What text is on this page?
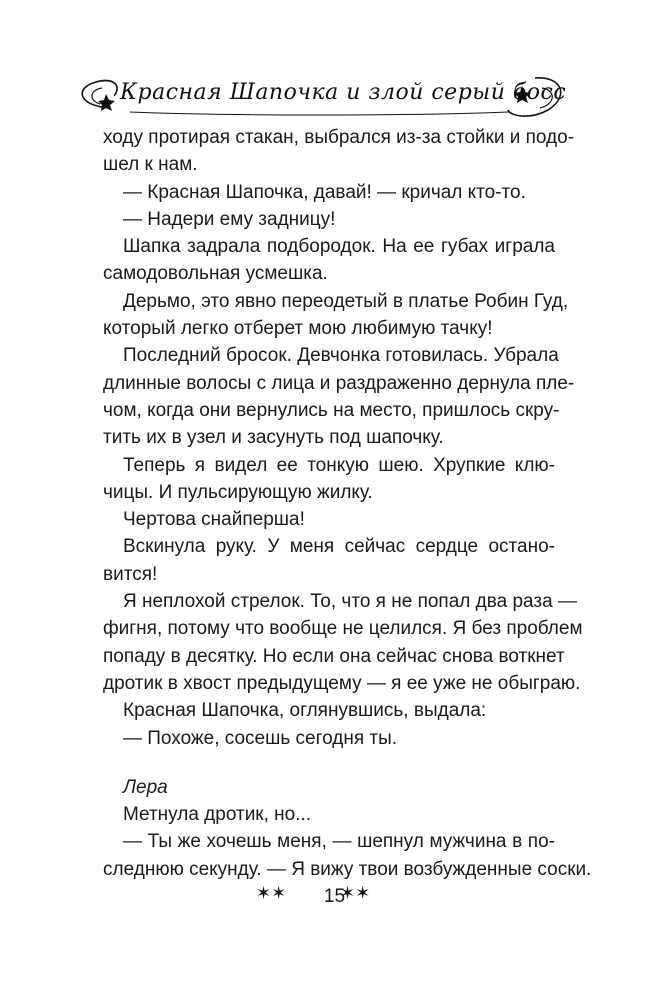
Красная Шапочка и злой серый босс
ходу протирая стакан, выбрался из-за стойки и подо-
шел к нам.
— Красная Шапочка, давай! — кричал кто-то.
— Надери ему задницу!
Шапка задрала подбородок. На ее губах играла
самодовольная усмешка.
Дерьмо, это явно переодетый в платье Робин Гуд,
который легко отберет мою любимую тачку!
Последний бросок. Девчонка готовилась. Убрала
длинные волосы с лица и раздраженно дернула пле-
чом, когда они вернулись на место, пришлось скру-
тить их в узел и засунуть под шапочку.
Теперь я видел ее тонкую шею. Хрупкие клю-
чицы. И пульсирующую жилку.
Чертова снайперша!
Вскинула руку. У меня сейчас сердце остано-
вится!
Я неплохой стрелок. То, что я не попал два раза —
фигня, потому что вообще не целился. Я без проблем
попаду в десятку. Но если она сейчас снова воткнет
дротик в хвост предыдущему — я ее уже не обыграю.
Красная Шапочка, оглянувшись, выдала:
— Похоже, сосешь сегодня ты.
Лера
Метнула дротик, но...
— Ты же хочешь меня, — шепнул мужчина в по-
следнюю секунду. — Я вижу твои возбужденные соски.
✶✶	15
✶✶
